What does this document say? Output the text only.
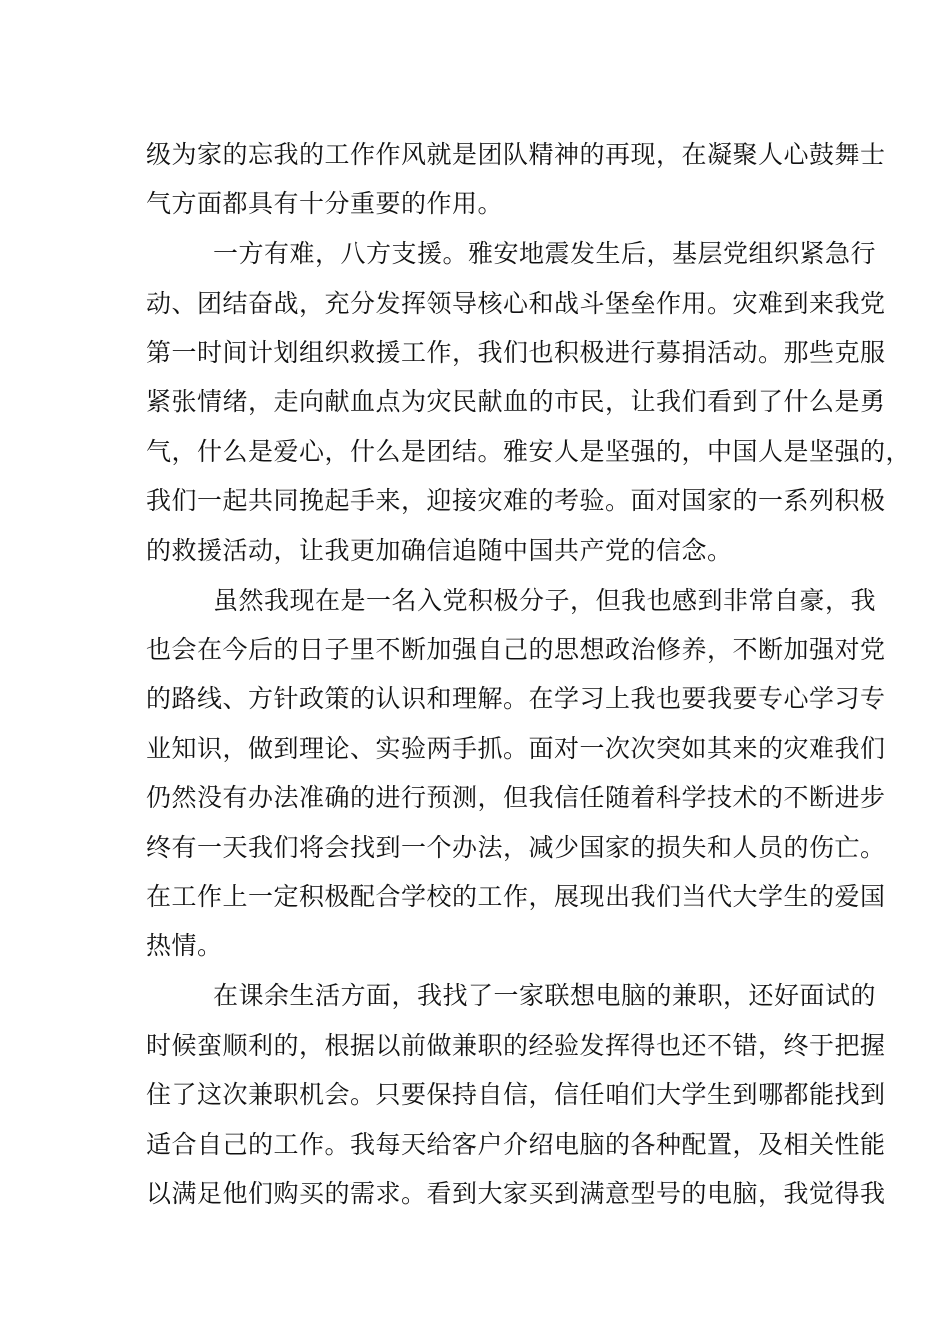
级为家的忘我的工作作风就是团队精神的再现，在凝聚人心鼓舞士
气方面都具有十分重要的作用。
一方有难，八方支援。雅安地震发生后，基层党组织紧急行
动、团结奋战，充分发挥领导核心和战斗堡垒作用。灾难到来我党
第一时间计划组织救援工作，我们也积极进行募捐活动。那些克服
紧张情绪，走向献血点为灾民献血的市民，让我们看到了什么是勇
气，什么是爱心，什么是团结。雅安人是坚强的，中国人是坚强的，
我们一起共同挽起手来，迎接灾难的考验。面对国家的一系列积极
的救援活动，让我更加确信追随中国共产党的信念。
虽然我现在是一名入党积极分子，但我也感到非常自豪，我
也会在今后的日子里不断加强自己的思想政治修养，不断加强对党
的路线、方针政策的认识和理解。在学习上我也要我要专心学习专
业知识，做到理论、实验两手抓。面对一次次突如其来的灾难我们
仍然没有办法准确的进行预测，但我信任随着科学技术的不断进步
终有一天我们将会找到一个办法，减少国家的损失和人员的伤亡。
在工作上一定积极配合学校的工作，展现出我们当代大学生的爱国
热情。
在课余生活方面，我找了一家联想电脑的兼职，还好面试的
时候蛮顺利的，根据以前做兼职的经验发挥得也还不错，终于把握
住了这次兼职机会。只要保持自信，信任咱们大学生到哪都能找到
适合自己的工作。我每天给客户介绍电脑的各种配置，及相关性能
以满足他们购买的需求。看到大家买到满意型号的电脑，我觉得我
